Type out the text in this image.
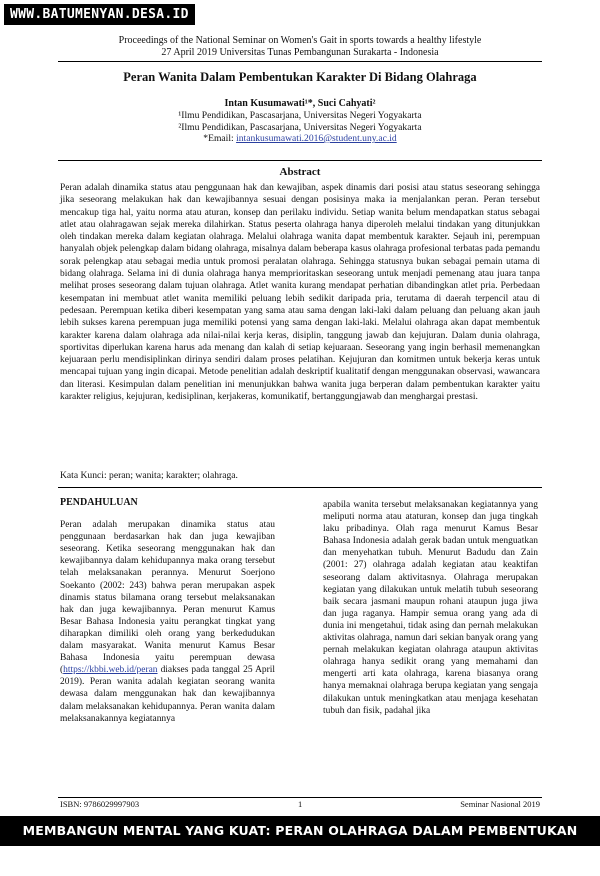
WWW.BATUMENYAN.DESA.ID
Proceedings of the National Seminar on Women's Gait in sports towards a healthy lifestyle
27 April 2019 Universitas Tunas Pembangunan Surakarta - Indonesia
Peran Wanita Dalam Pembentukan Karakter Di Bidang Olahraga
Intan Kusumawati¹*, Suci Cahyati²
¹Ilmu Pendidikan, Pascasarjana, Universitas Negeri Yogyakarta
²Ilmu Pendidikan, Pascasarjana, Universitas Negeri Yogyakarta
*Email: intankusumawati.2016@student.uny.ac.id
Abstract
Peran adalah dinamika status atau penggunaan hak dan kewajiban, aspek dinamis dari posisi atau status seseorang sehingga jika seseorang melakukan hak dan kewajibannya sesuai dengan posisinya maka ia menjalankan peran. Peran tersebut mencakup tiga hal, yaitu norma atau aturan, konsep dan perilaku individu. Setiap wanita belum mendapatkan status sebagai atlet atau olahragawan sejak mereka dilahirkan. Status peserta olahraga hanya diperoleh melalui tindakan yang ditunjukkan oleh tindakan mereka dalam kegiatan olahraga. Melalui olahraga wanita dapat membentuk karakter. Sejauh ini, perempuan hanyalah objek pelengkap dalam bidang olahraga, misalnya dalam beberapa kasus olahraga profesional terbatas pada pemandu sorak pelengkap atau sebagai media untuk promosi peralatan olahraga. Sehingga statusnya bukan sebagai pemain utama di bidang olahraga. Selama ini di dunia olahraga hanya memprioritaskan seseorang untuk menjadi pemenang atau juara tanpa melihat proses seseorang dalam tujuan olahraga. Atlet wanita kurang mendapat perhatian dibandingkan atlet pria. Perbedaan kesempatan ini membuat atlet wanita memiliki peluang lebih sedikit daripada pria, terutama di daerah terpencil atau di pedesaan. Perempuan ketika diberi kesempatan yang sama atau sama dengan laki-laki dalam peluang dan peluang akan jauh lebih sukses karena perempuan juga memiliki potensi yang sama dengan laki-laki. Melalui olahraga akan dapat membentuk karakter karena dalam olahraga ada nilai-nilai kerja keras, disiplin, tanggung jawab dan kejujuran. Dalam dunia olahraga, sportivitas diperlukan karena harus ada menang dan kalah di setiap kejuaraan. Seseorang yang ingin berhasil memenangkan kejuaraan perlu mendisiplinkan dirinya sendiri dalam proses pelatihan. Kejujuran dan komitmen untuk bekerja keras untuk mencapai tujuan yang ingin dicapai. Metode penelitian adalah deskriptif kualitatif dengan menggunakan observasi, wawancara dan literasi. Kesimpulan dalam penelitian ini menunjukkan bahwa wanita juga berperan dalam pembentukan karakter yaitu karakter religius, kejujuran, kedisiplinan, kerjakeras, komunikatif, bertanggungjawab dan menghargai prestasi.
Kata Kunci: peran; wanita; karakter; olahraga.
PENDAHULUAN
Peran adalah merupakan dinamika status atau penggunaan berdasarkan hak dan juga kewajiban seseorang. Ketika seseorang menggunakan hak dan kewajibannya dalam kehidupannya maka orang tersebut telah melaksanakan perannya. Menurut Soerjono Soekanto (2002: 243) bahwa peran merupakan aspek dinamis status bilamana orang tersebut melaksanakan hak dan juga kewajibannya. Peran menurut Kamus Besar Bahasa Indonesia yaitu perangkat tingkat yang diharapkan dimiliki oleh orang yang berkedudukan dalam masyarakat. Wanita menurut Kamus Besar Bahasa Indonesia yaitu perempuan dewasa (https://kbbi.web.id/peran diakses pada tanggal 25 April 2019). Peran wanita adalah kegiatan seorang wanita dewasa dalam menggunakan hak dan kewajibannya dalam melaksanakan kehidupannya. Peran wanita dalam melaksanakannya kegiatannya
apabila wanita tersebut melaksanakan kegiatannya yang meliputi norma atau ataturan, konsep dan juga tingkah laku pribadinya. Olah raga menurut Kamus Besar Bahasa Indonesia adalah gerak badan untuk menguatkan dan menyehatkan tubuh. Menurut Badudu dan Zain (2001: 27) olahraga adalah kegiatan atau keaktifan seseorang dalam aktivitasnya. Olahraga merupakan kegiatan yang dilakukan untuk melatih tubuh seseorang baik secara jasmani maupun rohani ataupun juga jiwa dan juga raganya. Hampir semua orang yang ada di dunia ini mengetahui, tidak asing dan pernah melakukan aktivitas olahraga, namun dari sekian banyak orang yang pernah melakukan kegiatan olahraga ataupun aktivitas olahraga hanya sedikit orang yang memahami dan mengerti arti kata olahraga, karena biasanya orang hanya memaknai olahraga berupa kegiatan yang sengaja dilakukan untuk meningkatkan atau menjaga kesehatan tubuh dan fisik, padahal jika
ISBN: 9786029997903	1	Seminar Nasional 2019
MEMBANGUN MENTAL YANG KUAT: PERAN OLAHRAGA DALAM PEMBENTUKAN KARAKTER
